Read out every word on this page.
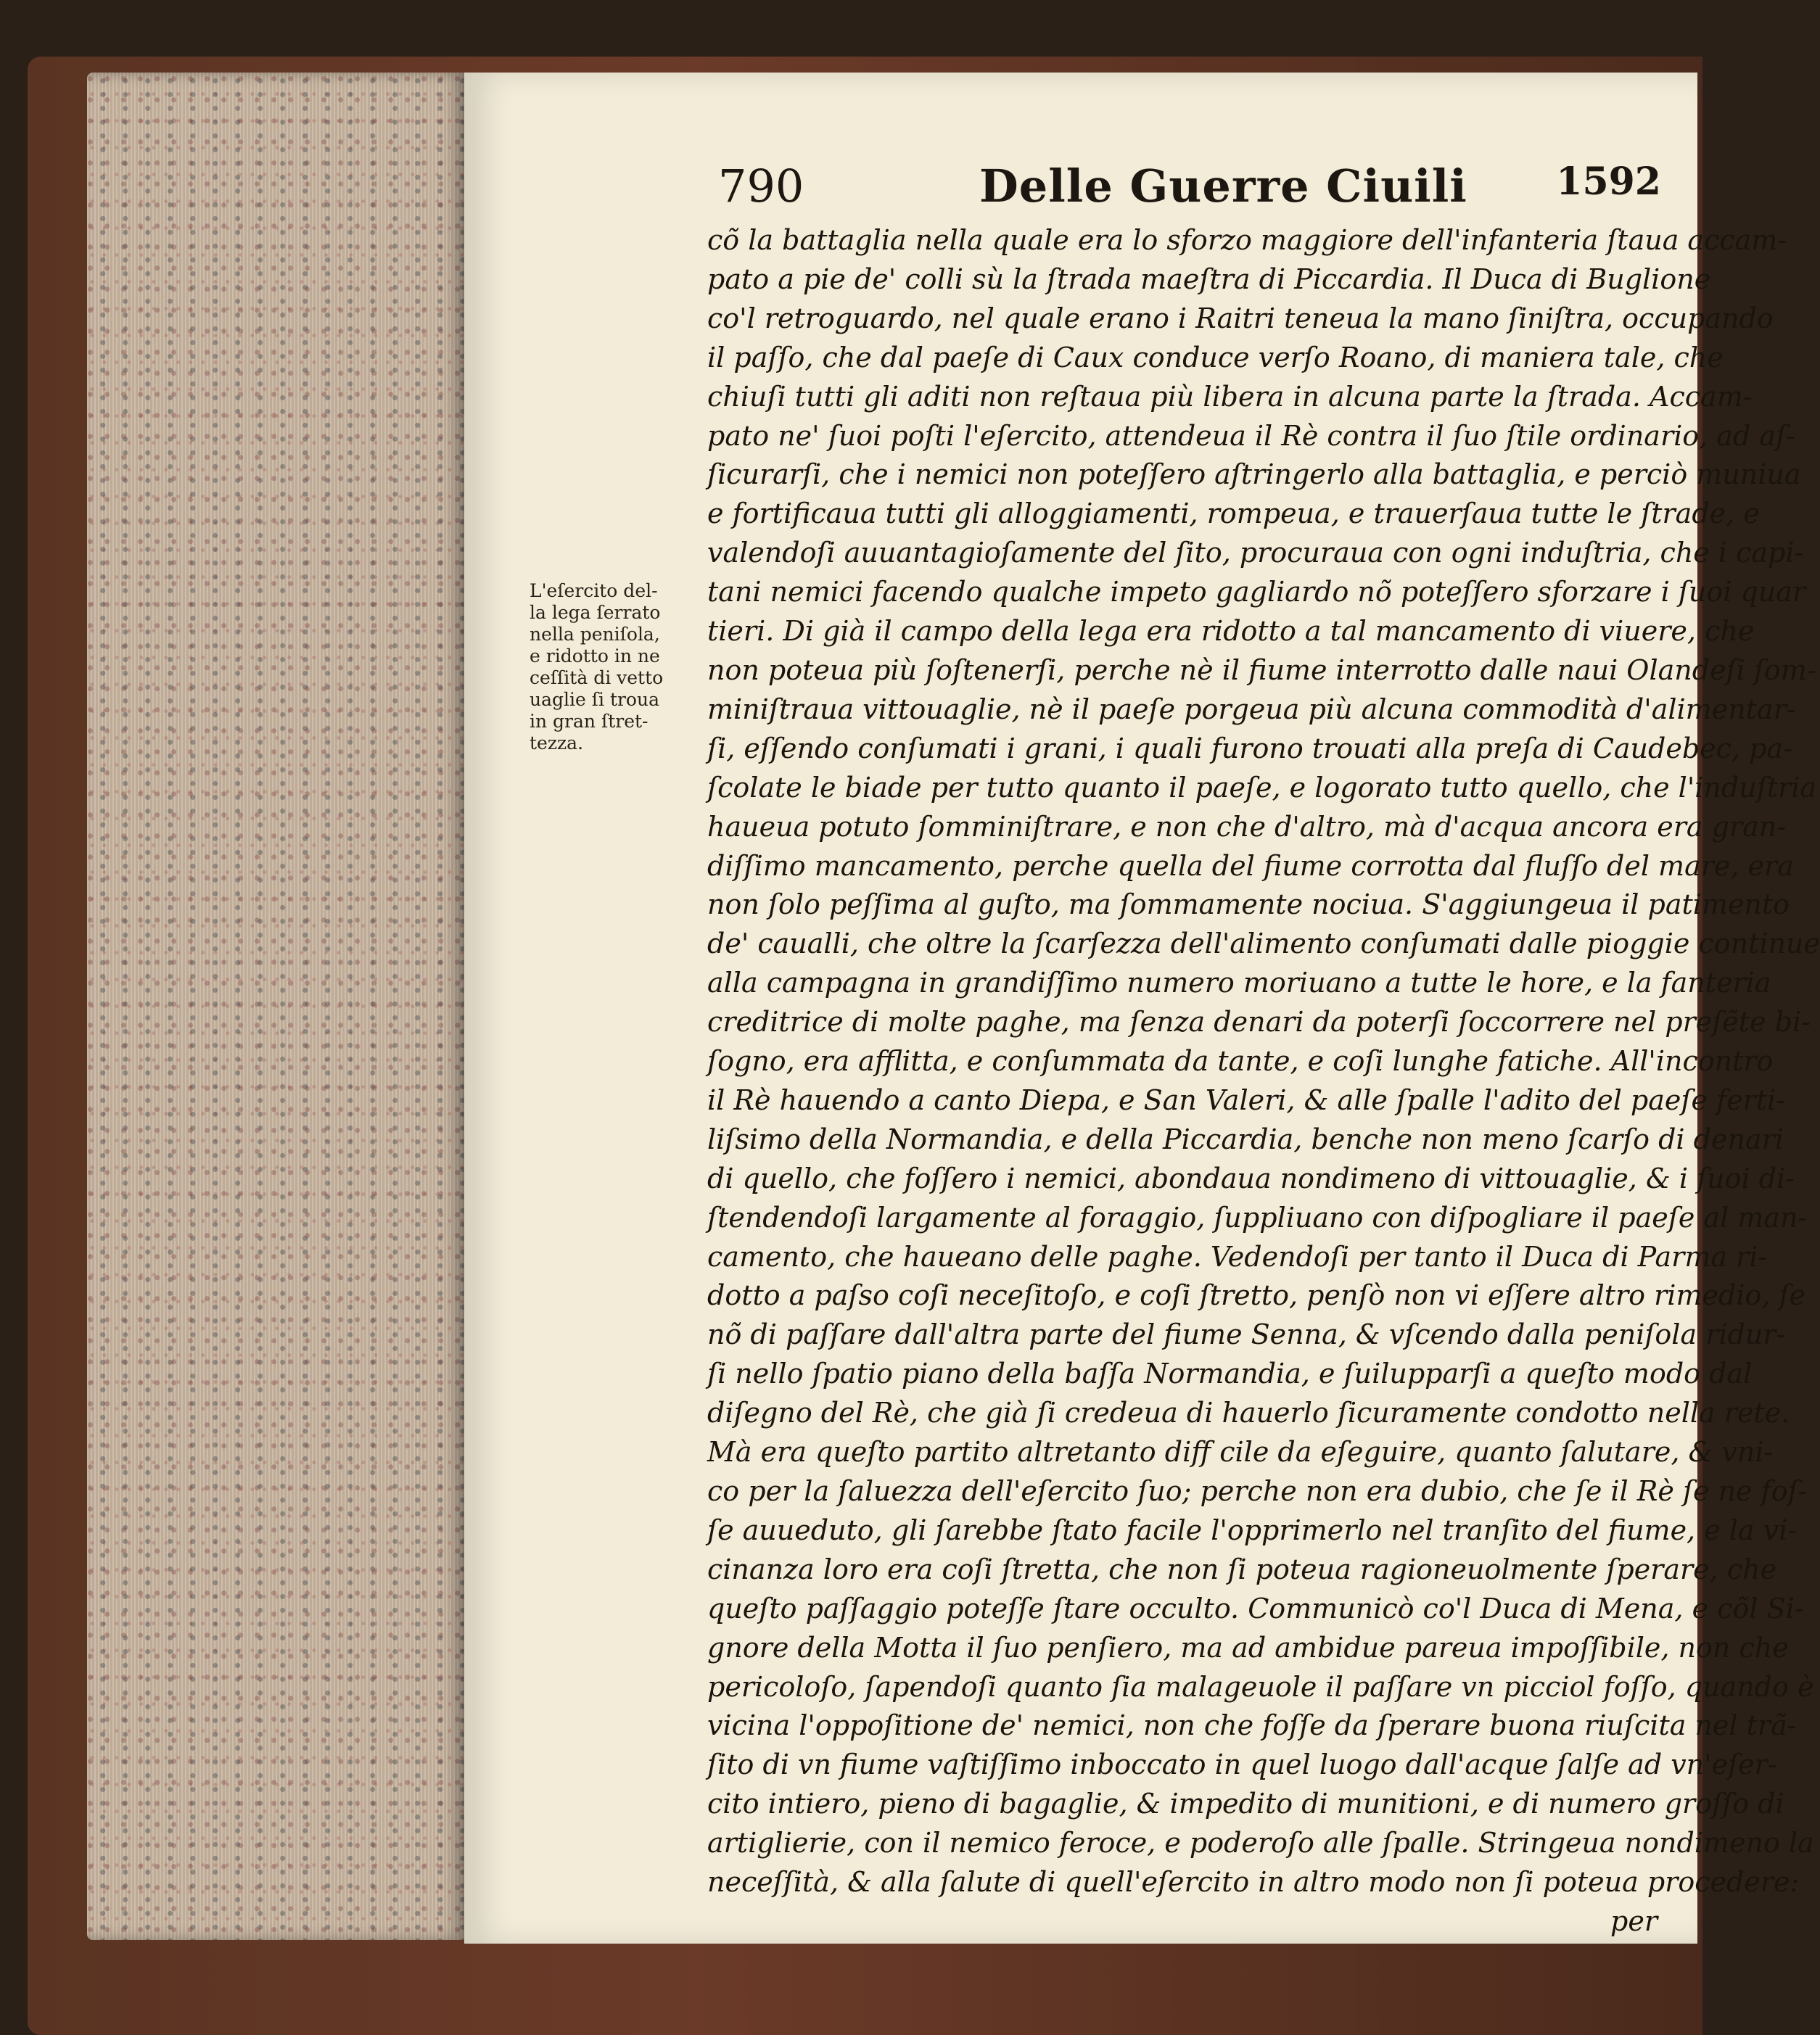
790	Delle Guerre Ciuili 1592
L'eſercito del-
la lega ſerrato
nella peniſola,
e ridotto in ne
ceſſità di vetto
uaglie ſi troua
in gran ſtret-
tezza.
cõ la battaglia nella quale era lo sforzo maggiore dell'infanteria ſtaua accam-
pato a pie de' colli sù la ſtrada maeſtra di Piccardia. Il Duca di Buglione
co'l retroguardo, nel quale erano i Raitri teneua la mano ſiniſtra, occupando
il paſſo, che dal paeſe di Caux conduce verſo Roano, di maniera tale, che
chiuſi tutti gli aditi non reſtaua più libera in alcuna parte la ſtrada. Accam-
pato ne' ſuoi poſti l'eſercito, attendeua il Rè contra il ſuo ſtile ordinario, ad aſ-
ſicurarſi, che i nemici non poteſſero aſtringerlo alla battaglia, e perciò muniua
e fortificaua tutti gli alloggiamenti, rompeua, e trauerſaua tutte le ſtrade, e
valendoſi auuantagioſamente del ſito, procuraua con ogni induſtria, che i capi-
tani nemici facendo qualche impeto gagliardo nõ poteſſero sforzare i ſuoi quar
tieri. Di già il campo della lega era ridotto a tal mancamento di viuere, che
non poteua più ſoſtenerſi, perche nè il fiume interrotto dalle naui Olandeſi ſom-
miniſtraua vittouaglie, nè il paeſe porgeua più alcuna commodità d'alimentar-
ſi, eſſendo conſumati i grani, i quali furono trouati alla preſa di Caudebec, pa-
ſcolate le biade per tutto quanto il paeſe, e logorato tutto quello, che l'induſtria
haueua potuto ſomminiſtrare, e non che d'altro, mà d'acqua ancora era gran-
diſſimo mancamento, perche quella del fiume corrotta dal fluſſo del mare, era
non ſolo peſſima al guſto, ma ſommamente nociua. S'aggiungeua il patimento
de' caualli, che oltre la ſcarſezza dell'alimento conſumati dalle pioggie continue
alla campagna in grandiſſimo numero moriuano a tutte le hore, e la fanteria
creditrice di molte paghe, ma ſenza denari da poterſi ſoccorrere nel preſẽte bi-
ſogno, era afflitta, e conſummata da tante, e coſi lunghe fatiche. All'incontro
il Rè hauendo a canto Diepa, e San Valeri, & alle ſpalle l'adito del paeſe ferti-
liſsimo della Normandia, e della Piccardia, benche non meno ſcarſo di denari
di quello, che foſſero i nemici, abondaua nondimeno di vittouaglie, & i ſuoi di-
ſtendendoſi largamente al foraggio, ſuppliuano con diſpogliare il paeſe al man-
camento, che haueano delle paghe. Vedendoſi per tanto il Duca di Parma ri-
dotto a paſso coſi neceſitoſo, e coſi ſtretto, penſò non vi eſſere altro rimedio, ſe
nõ di paſſare dall'altra parte del fiume Senna, & vſcendo dalla peniſola ridur-
ſi nello ſpatio piano della baſſa Normandia, e ſuilupparſi a queſto modo dal
diſegno del Rè, che già ſi credeua di hauerlo ſicuramente condotto nella rete.
Mà era queſto partito altretanto diff cile da eſeguire, quanto ſalutare, & vni-
co per la ſaluezza dell'eſercito ſuo; perche non era dubio, che ſe il Rè ſe ne foſ-
ſe auueduto, gli ſarebbe ſtato facile l'opprimerlo nel tranſito del fiume, e la vi-
cinanza loro era coſi ſtretta, che non ſi poteua ragioneuolmente ſperare, che
queſto paſſaggio poteſſe ſtare occulto. Communicò co'l Duca di Mena, e cõl Si-
gnore della Motta il ſuo penſiero, ma ad ambidue pareua impoſſibile, non che
pericoloſo, ſapendoſi quanto ſia malageuole il paſſare vn picciol foſſo, quando è
vicina l'oppoſitione de' nemici, non che foſſe da ſperare buona riuſcita nel trã-
ſito di vn fiume vaſtiſſimo inboccato in quel luogo dall'acque ſalſe ad vn'eſer-
cito intiero, pieno di bagaglie, & impedito di munitioni, e di numero groſſo di
artiglierie, con il nemico feroce, e poderoſo alle ſpalle. Stringeua nondimeno la
neceſſità, & alla ſalute di quell'eſercito in altro modo non ſi poteua procedere:
per
